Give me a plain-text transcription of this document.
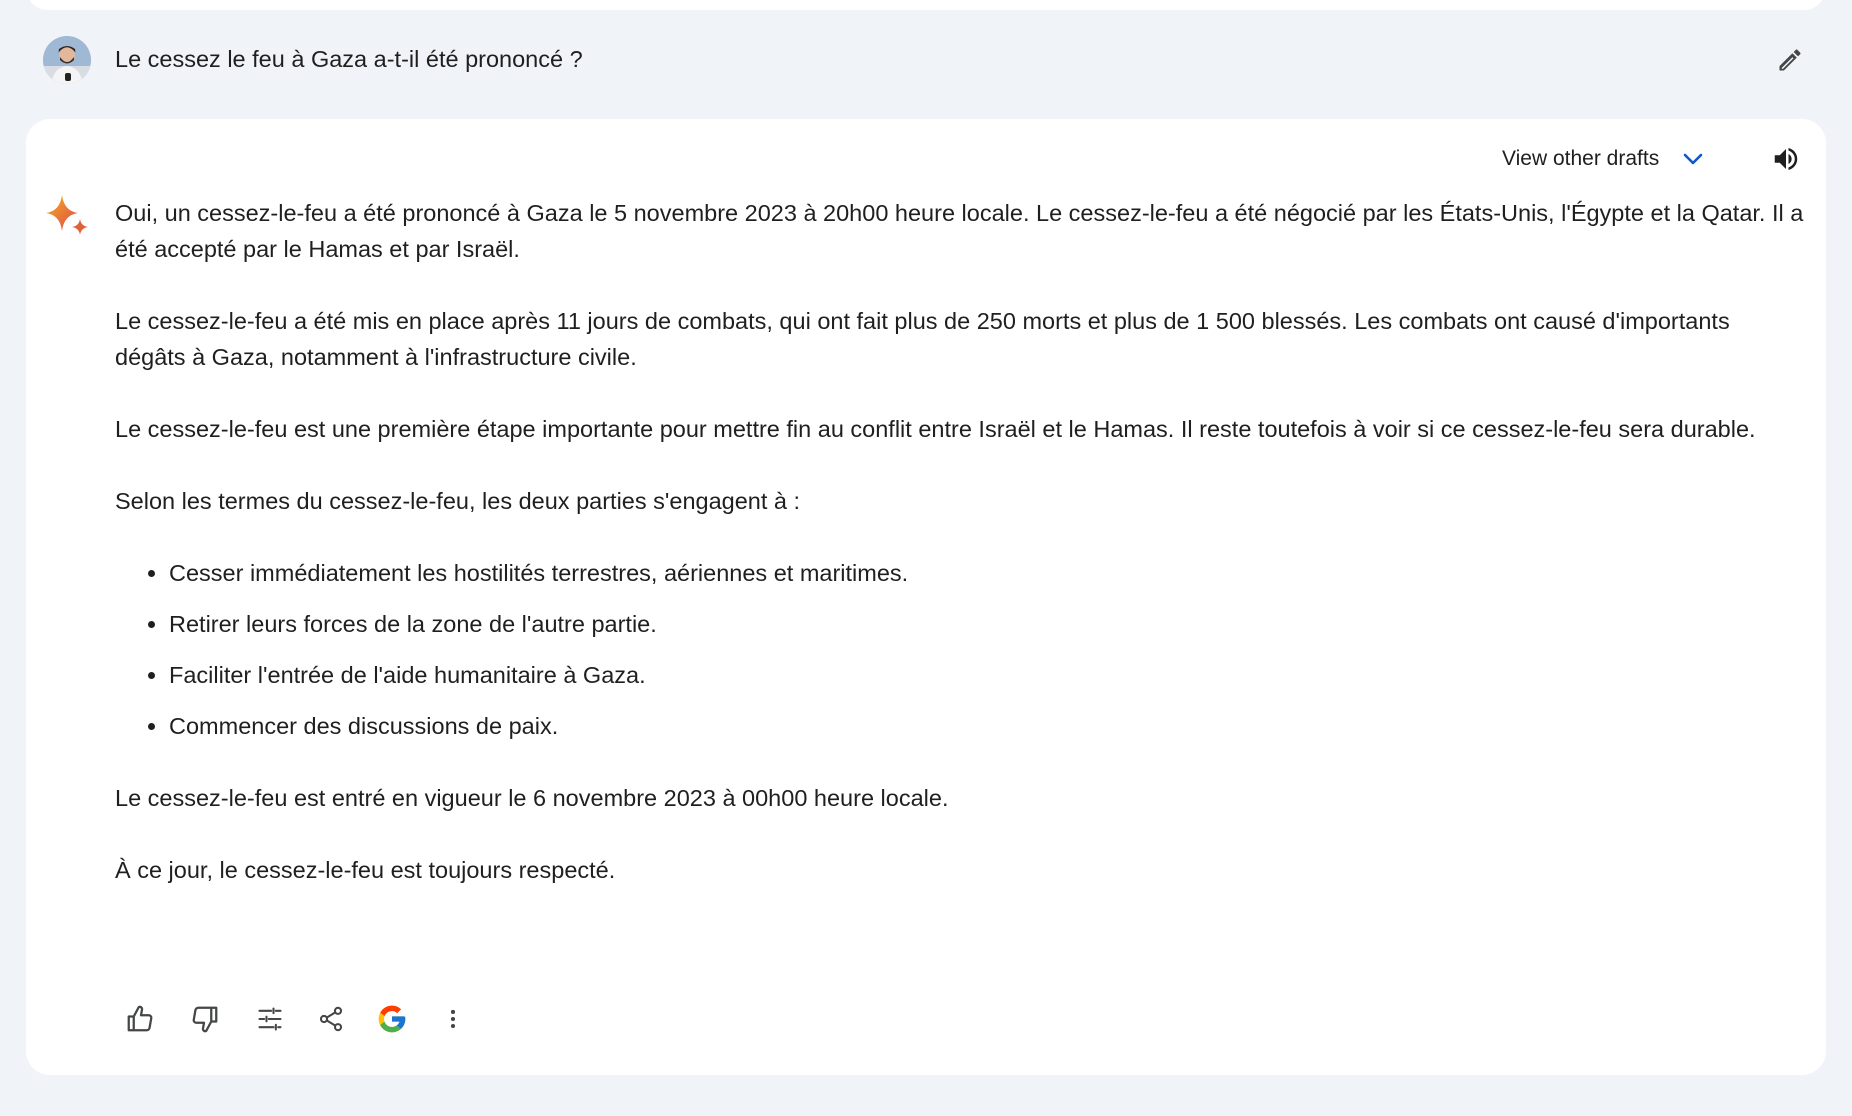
Le cessez le feu à Gaza a-t-il été prononcé ?
View other drafts

Oui, un cessez-le-feu a été prononcé à Gaza le 5 novembre 2023 à 20h00 heure locale. Le cessez-le-feu a été négocié par les États-Unis, l'Égypte et la Qatar. Il a été accepté par le Hamas et par Israël.

Le cessez-le-feu a été mis en place après 11 jours de combats, qui ont fait plus de 250 morts et plus de 1 500 blessés. Les combats ont causé d'importants dégâts à Gaza, notamment à l'infrastructure civile.

Le cessez-le-feu est une première étape importante pour mettre fin au conflit entre Israël et le Hamas. Il reste toutefois à voir si ce cessez-le-feu sera durable.

Selon les termes du cessez-le-feu, les deux parties s'engagent à :

• Cesser immédiatement les hostilités terrestres, aériennes et maritimes.
• Retirer leurs forces de la zone de l'autre partie.
• Faciliter l'entrée de l'aide humanitaire à Gaza.
• Commencer des discussions de paix.

Le cessez-le-feu est entré en vigueur le 6 novembre 2023 à 00h00 heure locale.

À ce jour, le cessez-le-feu est toujours respecté.
